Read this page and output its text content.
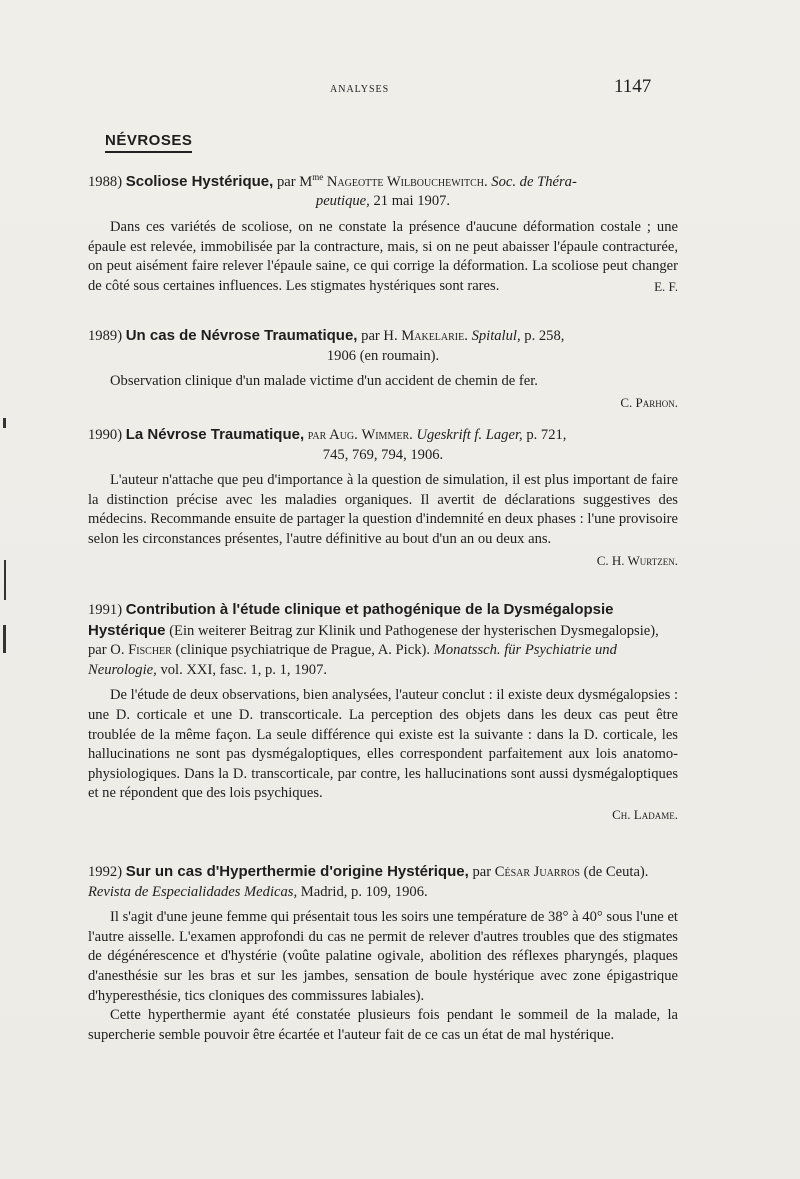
ANALYSES	1147
NÉVROSES

1988) Scoliose Hystérique, par $M^{me}$ Nageotte Wilbouchewitch. Soc. de Théra-
peutique, 21 mai 1907.

Dans ces variétés de scoliose, on ne constate la présence d'aucune déformation costale ; une épaule est relevée, immobilisée par la contracture, mais, si on ne peut abaisser l'épaule contracturée, on peut aisément faire relever l'épaule saine, ce qui corrige la déformation. La scoliose peut changer de côté sous certaines influences. Les stigmates hystériques sont rares.	E. F.

1989) Un cas de Névrose Traumatique, par H. Makelarie. Spitalul, p. 258,
1906 (en roumain).

Observation clinique d'un malade victime d'un accident de chemin de fer.

C. Parhon.

1990) La Névrose Traumatique, par Aug. Wimmer. Ugeskrift f. Lager, p. 721,
745, 769, 794, 1906.

L'auteur n'attache que peu d'importance à la question de simulation, il est plus important de faire la distinction précise avec les maladies organiques. Il avertit de déclarations suggestives des médecins. Recommande ensuite de partager la question d'indemnité en deux phases : l'une provisoire selon les circonstances présentes, l'autre définitive au bout d'un an ou deux ans.

C. H. Wurtzen.

1991) Contribution à l'étude clinique et pathogénique de la Dysmégalopsie Hystérique (Ein weiterer Beitrag zur Klinik und Pathogenese der hysterischen Dysmegalopsie), par O. Fischer (clinique psychiatrique de Prague, A. Pick). Monatssch. für Psychiatrie und Neurologie, vol. XXI, fasc. 1, p. 1, 1907.

De l'étude de deux observations, bien analysées, l'auteur conclut : il existe deux dysmégalopsies : une D. corticale et une D. transcorticale. La perception des objets dans les deux cas peut être troublée de la même façon. La seule différence qui existe est la suivante : dans la D. corticale, les hallucinations ne sont pas dysmégaloptiques, elles correspondent parfaitement aux lois anatomo-physiologiques. Dans la D. transcorticale, par contre, les hallucinations sont aussi dysmégaloptiques et ne répondent que des lois psychiques.

Ch. Ladame.

1992) Sur un cas d'Hyperthermie d'origine Hystérique, par César Juarros (de Ceuta). Revista de Especialidades Medicas, Madrid, p. 109, 1906.

Il s'agit d'une jeune femme qui présentait tous les soirs une température de 38° à 40° sous l'une et l'autre aisselle. L'examen approfondi du cas ne permit de relever d'autres troubles que des stigmates de dégénérescence et d'hystérie (voûte palatine ogivale, abolition des réflexes pharyngés, plaques d'anesthésie sur les bras et sur les jambes, sensation de boule hystérique avec zone épigastrique d'hyperesthésie, tics cloniques des commissures labiales).

Cette hyperthermie ayant été constatée plusieurs fois pendant le sommeil de la malade, la supercherie semble pouvoir être écartée et l'auteur fait de ce cas un état de mal hystérique.
